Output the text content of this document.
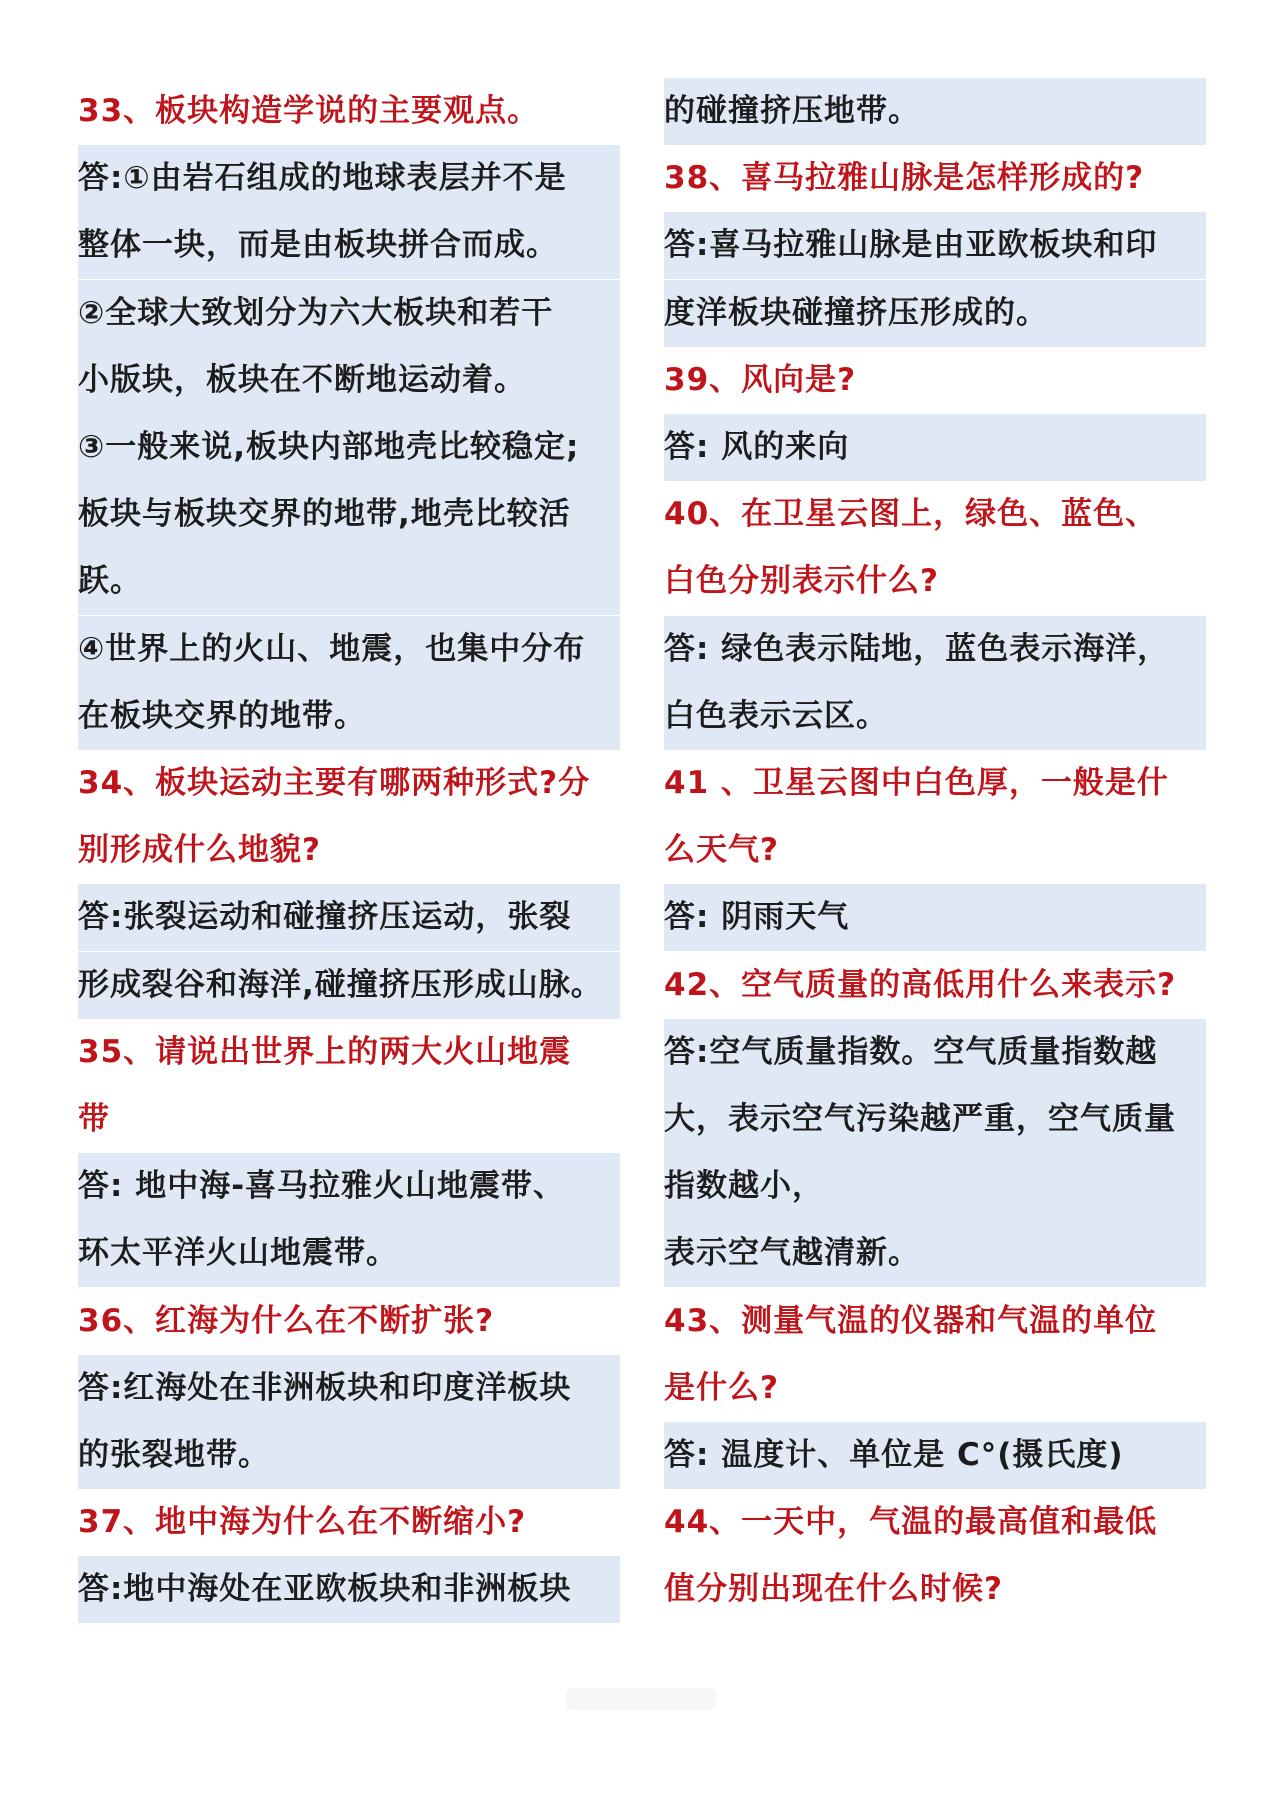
33、板块构造学说的主要观点。
答:①由岩石组成的地球表层并不是
整体一块，而是由板块拼合而成。
②全球大致划分为六大板块和若干
小版块，板块在不断地运动着。
③一般来说,板块内部地壳比较稳定;
板块与板块交界的地带,地壳比较活
跃。
④世界上的火山、地震，也集中分布
在板块交界的地带。
34、板块运动主要有哪两种形式?分
别形成什么地貌?
答:张裂运动和碰撞挤压运动，张裂
形成裂谷和海洋,碰撞挤压形成山脉。
35、请说出世界上的两大火山地震
带
答: 地中海-喜马拉雅火山地震带、
环太平洋火山地震带。
36、红海为什么在不断扩张?
答:红海处在非洲板块和印度洋板块
的张裂地带。
37、地中海为什么在不断缩小?
答:地中海处在亚欧板块和非洲板块
的碰撞挤压地带。
38、喜马拉雅山脉是怎样形成的?
答:喜马拉雅山脉是由亚欧板块和印
度洋板块碰撞挤压形成的。
39、风向是?
答: 风的来向
40、在卫星云图上，绿色、蓝色、
白色分别表示什么?
答: 绿色表示陆地，蓝色表示海洋，
白色表示云区。
41 、卫星云图中白色厚，一般是什
么天气?
答: 阴雨天气
42、空气质量的高低用什么来表示?
答:空气质量指数。空气质量指数越
大，表示空气污染越严重，空气质量
指数越小，
表示空气越清新。
43、测量气温的仪器和气温的单位
是什么?
答: 温度计、单位是 C°(摄氏度)
44、一天中，气温的最高值和最低
值分别出现在什么时候?
